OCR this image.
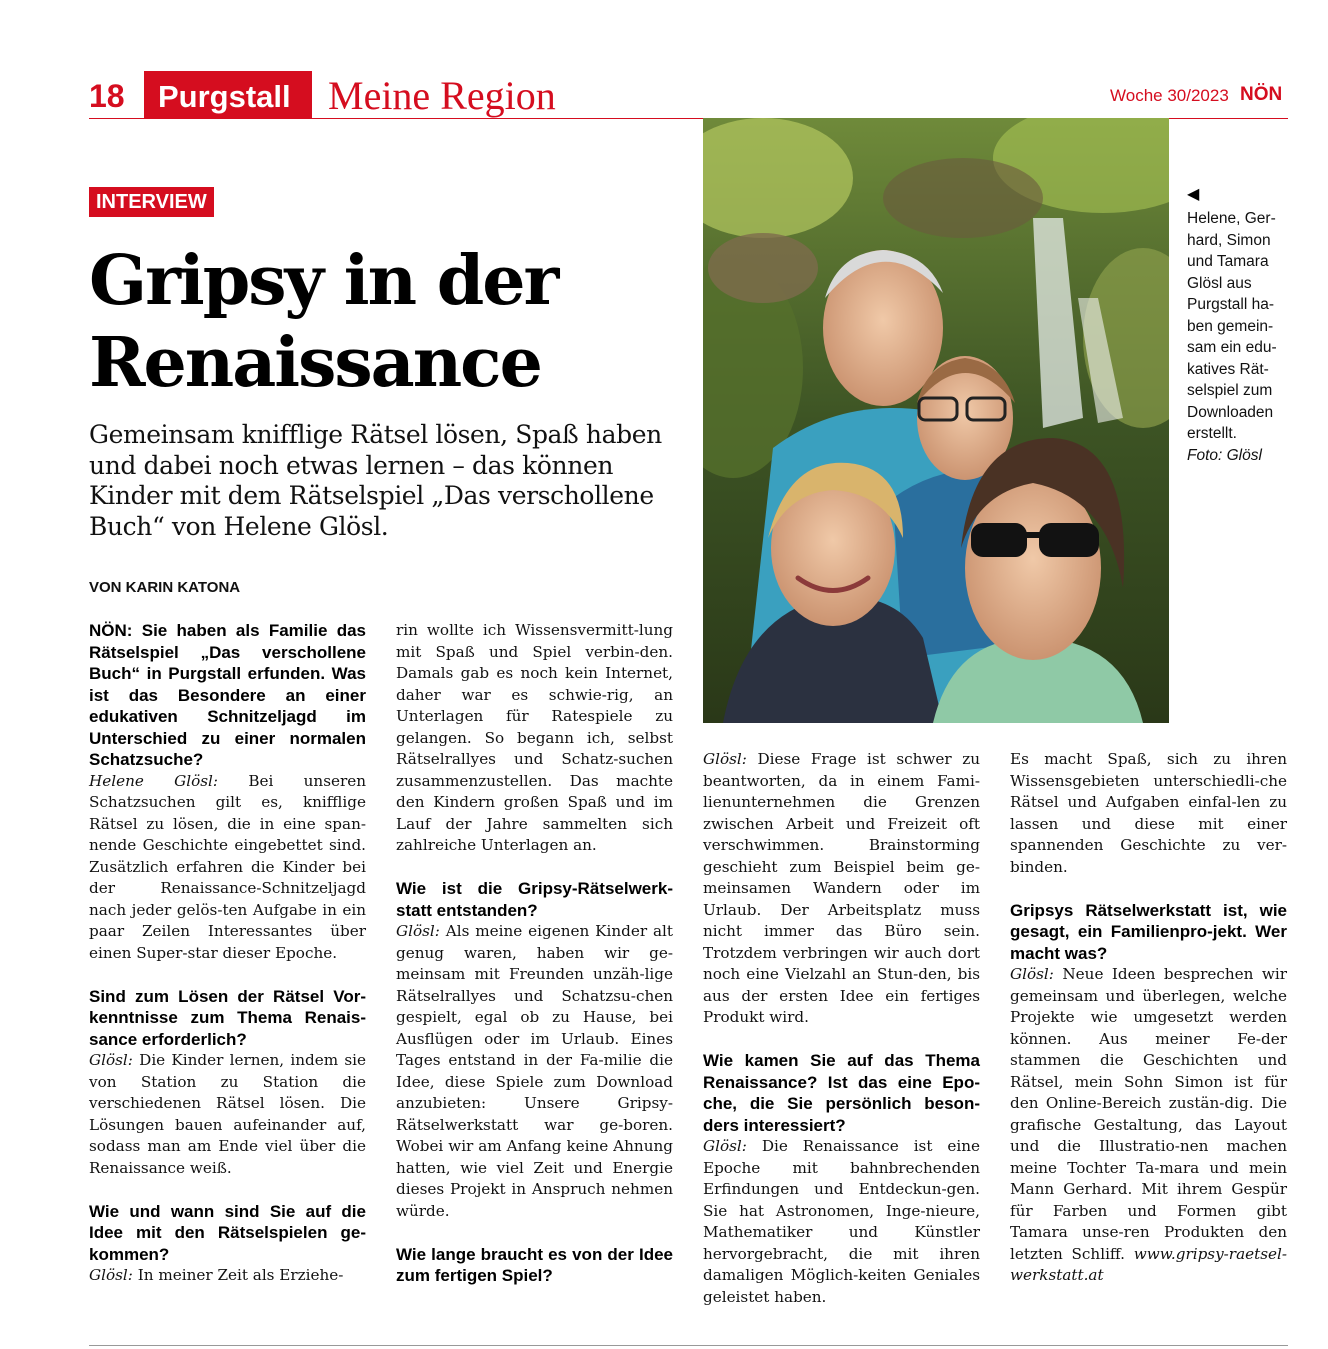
18 Purgstall Meine Region	Woche 30/2023 NÖN
INTERVIEW
Gripsy in der
Renaissance

Gemeinsam knifflige Rätsel lösen, Spaß haben und dabei noch etwas lernen – das können Kinder mit dem Rätselspiel „Das verschollene Buch“ von Helene Glösl.

VON KARIN KATONA
NÖN: Sie haben als Familie das Rätselspiel „Das verschollene Buch“ in Purgstall erfunden. Was ist das Besondere an einer edukativen Schnitzeljagd im Unterschied zu einer normalen Schatzsuche?

Helene Glösl: Bei unseren Schatzsuchen gilt es, knifflige Rätsel zu lösen, die in eine span-nende Geschichte eingebettet sind. Zusätzlich erfahren die Kinder bei der Renaissance-Schnitzeljagd nach jeder gelös-ten Aufgabe in ein paar Zeilen Interessantes über einen Super-star dieser Epoche.

Sind zum Lösen der Rätsel Vor-kenntnisse zum Thema Renais-sance erforderlich?

Glösl: Die Kinder lernen, indem sie von Station zu Station die verschiedenen Rätsel lösen. Die Lösungen bauen aufeinander auf, sodass man am Ende viel über die Renaissance weiß.

Wie und wann sind Sie auf die Idee mit den Rätselspielen ge-kommen?

Glösl: In meiner Zeit als Erziehe-

rin wollte ich Wissensvermitt-lung mit Spaß und Spiel verbin-den. Damals gab es noch kein Internet, daher war es schwie-rig, an Unterlagen für Ratespiele zu gelangen. So begann ich, selbst Rätselrallyes und Schatz-suchen zusammenzustellen. Das machte den Kindern großen Spaß und im Lauf der Jahre sammelten sich zahlreiche Unterlagen an.

Wie ist die Gripsy-Rätselwerk-statt entstanden?

Glösl: Als meine eigenen Kinder alt genug waren, haben wir ge-meinsam mit Freunden unzäh-lige Rätselrallyes und Schatzsu-chen gespielt, egal ob zu Hause, bei Ausflügen oder im Urlaub. Eines Tages entstand in der Fa-milie die Idee, diese Spiele zum Download anzubieten: Unsere Gripsy-Rätselwerkstatt war ge-boren. Wobei wir am Anfang keine Ahnung hatten, wie viel Zeit und Energie dieses Projekt in Anspruch nehmen würde.

Wie lange braucht es von der Idee zum fertigen Spiel?
◀
Helene, Ger-hard, Simon und Tamara Glösl aus Purgstall ha-ben gemein-sam ein edu-katives Rät-selspiel zum Downloaden erstellt.
Foto: Glösl

Glösl: Diese Frage ist schwer zu beantworten, da in einem Fami-lienunternehmen die Grenzen zwischen Arbeit und Freizeit oft verschwimmen. Brainstorming geschieht zum Beispiel beim ge-meinsamen Wandern oder im Urlaub. Der Arbeitsplatz muss nicht immer das Büro sein. Trotzdem verbringen wir auch dort noch eine Vielzahl an Stun-den, bis aus der ersten Idee ein fertiges Produkt wird.

Wie kamen Sie auf das Thema Renaissance? Ist das eine Epo-che, die Sie persönlich beson-ders interessiert?

Glösl: Die Renaissance ist eine Epoche mit bahnbrechenden Erfindungen und Entdeckun-gen. Sie hat Astronomen, Inge-nieure, Mathematiker und Künstler hervorgebracht, die mit ihren damaligen Möglich-keiten Geniales geleistet haben.

Es macht Spaß, sich zu ihren Wissensgebieten unterschiedli-che Rätsel und Aufgaben einfal-len zu lassen und diese mit einer spannenden Geschichte zu ver-binden.

Gripsys Rätselwerkstatt ist, wie gesagt, ein Familienpro-jekt. Wer macht was?

Glösl: Neue Ideen besprechen wir gemeinsam und überlegen, welche Projekte wie umgesetzt werden können. Aus meiner Fe-der stammen die Geschichten und Rätsel, mein Sohn Simon ist für den Online-Bereich zustän-dig. Die grafische Gestaltung, das Layout und die Illustratio-nen machen meine Tochter Ta-mara und mein Mann Gerhard. Mit ihrem Gespür für Farben und Formen gibt Tamara unse-ren Produkten den letzten Schliff. www.gripsy-raetsel-werkstatt.at
